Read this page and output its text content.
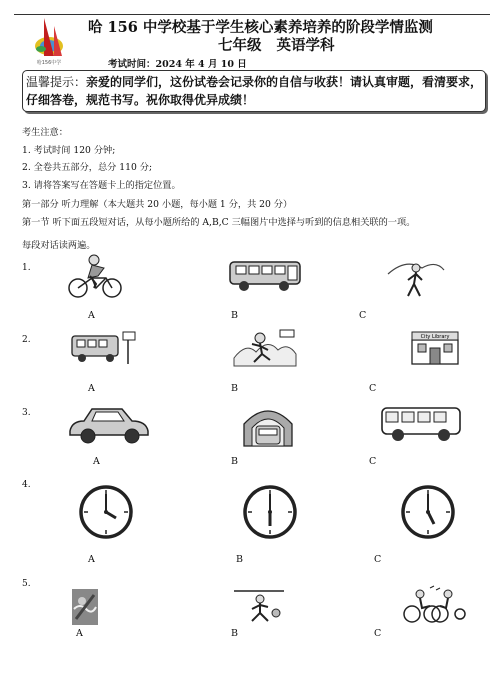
哈156中学
哈 156 中学校基于学生核心素养培养的阶段学情监测
七年级 英语学科
考试时间：2024 年 4 月 10 日
温馨提示：亲爱的同学们，这份试卷会记录你的自信与收获！请认真审题，看清要求，仔细答卷，规范书写。祝你取得优异成绩！
考生注意：
1. 考试时间 120 分钟;
2. 全卷共五部分，总分 110 分;
3. 请将答案写在答题卡上的指定位置。
第一部分 听力理解（本大题共 20 小题，每小题 1 分，共 20 分）
第一节 听下面五段短对话，从每小题所给的 A,B,C 三幅图片中选择与听到的信息相关联的一项。
每段对话读两遍。
1.
A	B	C
2.	City Library
A	B	C
3.
A	B	C
4.
A	B	C
5.
A	B	C
